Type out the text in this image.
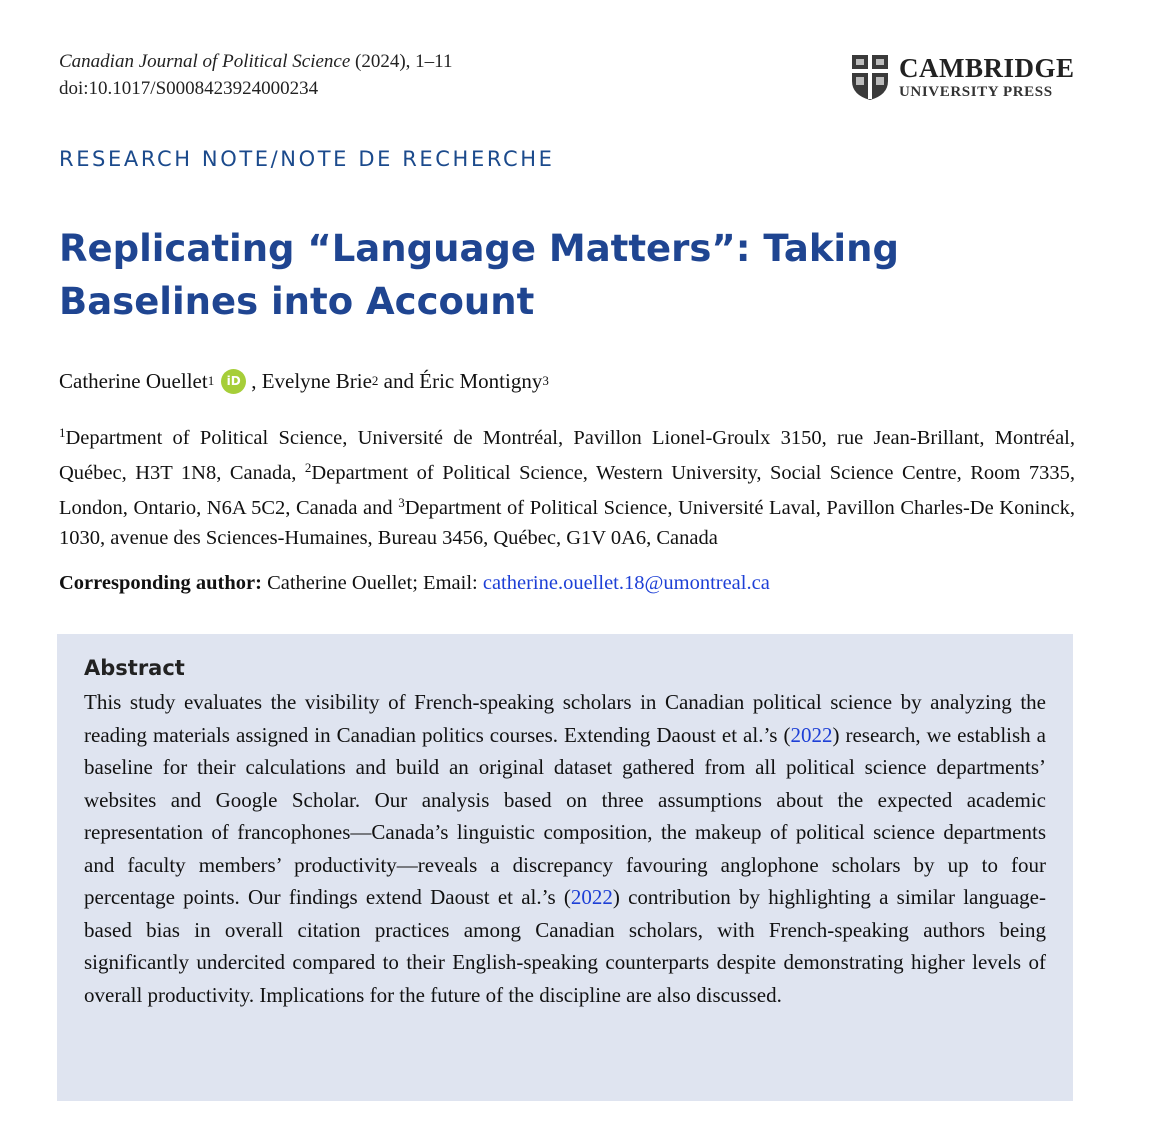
Canadian Journal of Political Science (2024), 1–11
doi:10.1017/S0008423924000234
CAMBRIDGE
UNIVERSITY PRESS
RESEARCH NOTE/NOTE DE RECHERCHE
Replicating “Language Matters”: Taking Baselines into Account
Catherine Ouellet 1	iD , Evelyne Brie 2 and Éric Montigny 3
$^1$Department of Political Science, Université de Montréal, Pavillon Lionel-Groulx 3150, rue Jean-Brillant, Montréal, Québec, H3T 1N8, Canada, $^2$Department of Political Science, Western University, Social Science Centre, Room 7335, London, Ontario, N6A 5C2, Canada and $^3$Department of Political Science, Université Laval, Pavillon Charles-De Koninck, 1030, avenue des Sciences-Humaines, Bureau 3456, Québec, G1V 0A6, Canada
Corresponding author: Catherine Ouellet; Email: catherine.ouellet.18@umontreal.ca
Abstract
This study evaluates the visibility of French-speaking scholars in Canadian political science by analyzing the reading materials assigned in Canadian politics courses. Extending Daoust et al.’s (2022) research, we establish a baseline for their calculations and build an original dataset gathered from all political science departments’ websites and Google Scholar. Our analysis based on three assumptions about the expected academic representation of francophones—Canada’s linguistic composition, the makeup of political science departments and faculty members’ productivity—reveals a discrepancy favouring anglophone scholars by up to four percentage points. Our findings extend Daoust et al.’s (2022) contribution by highlighting a similar language-based bias in overall citation practices among Canadian scholars, with French-speaking authors being significantly undercited compared to their English-speaking counterparts despite demonstrating higher levels of overall productivity. Implications for the future of the discipline are also discussed.
